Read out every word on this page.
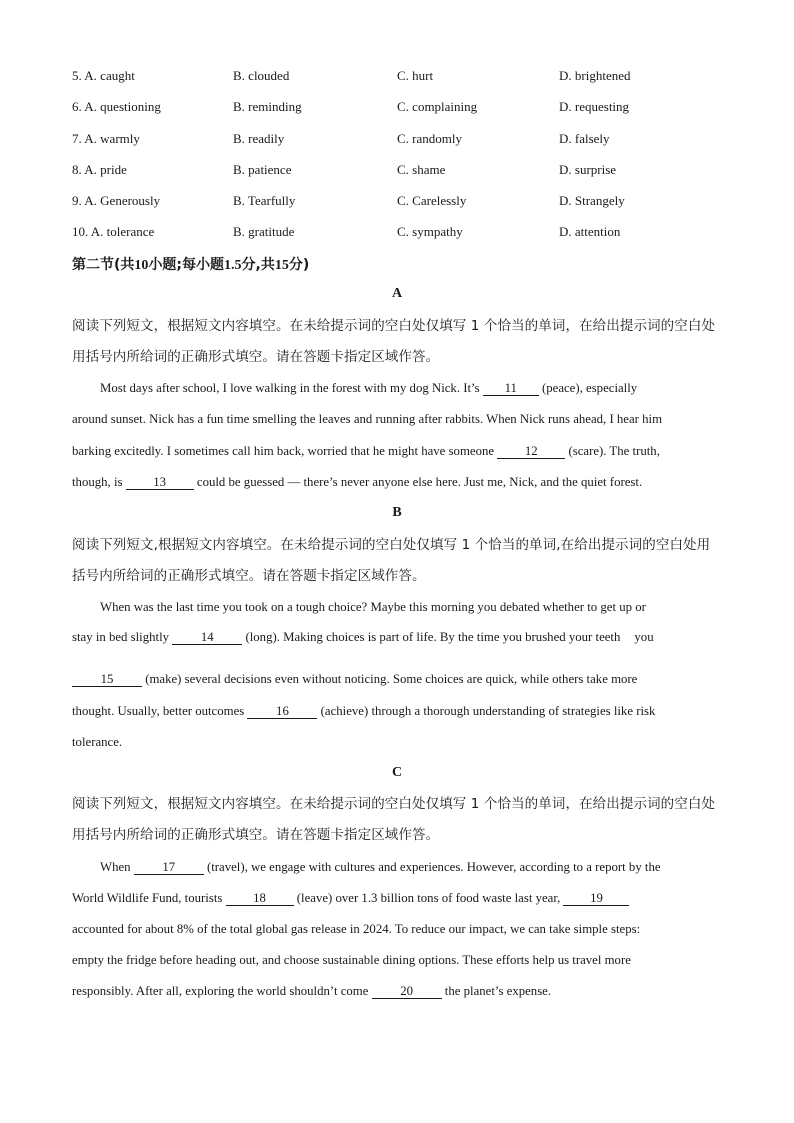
5. A. caught	B. clouded	C. hurt	D. brightened
6. A. questioning	B. reminding	C. complaining	D. requesting
7. A. warmly	B. readily	C. randomly	D. falsely
8. A. pride	B. patience	C. shame	D. surprise
9. A. Generously	B. Tearfully	C. Carelessly	D. Strangely
10. A. tolerance	B. gratitude	C. sympathy	D. attention
第二节(共10小题;每小题1.5分,共15分)
A
阅读下列短文，根据短文内容填空。在未给提示词的空白处仅填写 1 个恰当的单词，在给出提示词的空白处用括号内所给词的正确形式填空。请在答题卡指定区域作答。
Most days after school, I love walking in the forest with my dog Nick. It’s 11 (peace), especially
around sunset. Nick has a fun time smelling the leaves and running after rabbits. When Nick runs ahead, I hear him
barking excitedly. I sometimes call him back, worried that he might have someone 12 (scare). The truth,
though, is 13 could be guessed — there’s never anyone else here. Just me, Nick, and the quiet forest.
B
阅读下列短文,根据短文内容填空。在未给提示词的空白处仅填写 1 个恰当的单词,在给出提示词的空白处用括号内所给词的正确形式填空。请在答题卡指定区域作答。
When was the last time you took on a tough choice? Maybe this morning you debated whether to get up or
stay in bed slightly 14 (long). Making choices is part of life. By the time you brushed your teeth you
15 (make) several decisions even without noticing. Some choices are quick, while others take more
thought. Usually, better outcomes 16 (achieve) through a thorough understanding of strategies like risk
tolerance.
C
阅读下列短文，根据短文内容填空。在未给提示词的空白处仅填写 1 个恰当的单词，在给出提示词的空白处用括号内所给词的正确形式填空。请在答题卡指定区域作答。
When 17 (travel), we engage with cultures and experiences. However, according to a report by the
World Wildlife Fund, tourists 18 (leave) over 1.3 billion tons of food waste last year, 19
accounted for about 8% of the total global gas release in 2024. To reduce our impact, we can take simple steps:
empty the fridge before heading out, and choose sustainable dining options. These efforts help us travel more
responsibly. After all, exploring the world shouldn’t come 20 the planet’s expense.
